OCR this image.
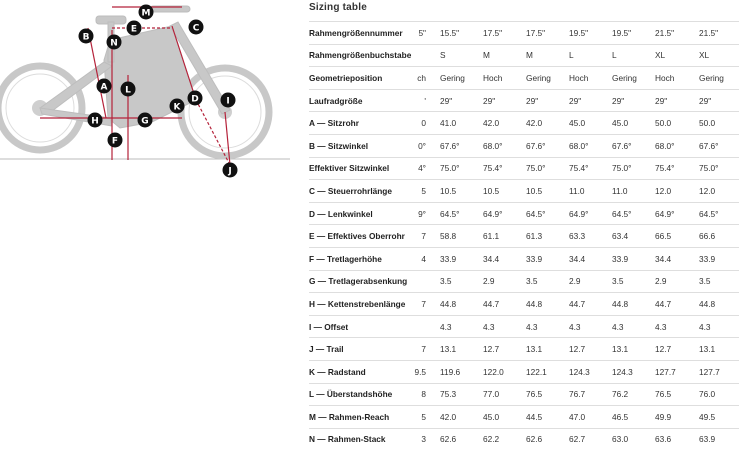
M
C
B
N
E
A L
D	I
K
H	G
F
J
Sizing table
Rahmengrößennummer	5"		15.5"	17.5"	17.5"	19.5"	19.5"	21.5"	21.5"
Rahmengrößenbuchstabe			S	M	M	L	L	XL	XL
Geometrieposition	ch		Gering	Hoch	Gering	Hoch	Gering	Hoch	Gering
Laufradgröße	'		29"	29"	29"	29"	29"	29"	29"
A — Sitzrohr	0		41.0	42.0	42.0	45.0	45.0	50.0	50.0
B — Sitzwinkel	0°		67.6°	68.0°	67.6°	68.0°	67.6°	68.0°	67.6°
Effektiver Sitzwinkel	4°		75.0°	75.4°	75.0°	75.4°	75.0°	75.4°	75.0°
C — Steuerrohrlänge	5		10.5	10.5	10.5	11.0	11.0	12.0	12.0
D — Lenkwinkel	9°		64.5°	64.9°	64.5°	64.9°	64.5°	64.9°	64.5°
E — Effektives Oberrohr	7		58.8	61.1	61.3	63.3	63.4	66.5	66.6
F — Tretlagerhöhe	4		33.9	34.4	33.9	34.4	33.9	34.4	33.9
G — Tretlagerabsenkung			3.5	2.9	3.5	2.9	3.5	2.9	3.5
H — Kettenstrebenlänge	7		44.8	44.7	44.8	44.7	44.8	44.7	44.8
I — Offset			4.3	4.3	4.3	4.3	4.3	4.3	4.3
J — Trail	7		13.1	12.7	13.1	12.7	13.1	12.7	13.1
K — Radstand	9.5		119.6	122.0	122.1	124.3	124.3	127.7	127.7
L — Überstandshöhe	8		75.3	77.0	76.5	76.7	76.2	76.5	76.0
M — Rahmen-Reach	5		42.0	45.0	44.5	47.0	46.5	49.9	49.5
N — Rahmen-Stack	3		62.6	62.2	62.6	62.7	63.0	63.6	63.9
